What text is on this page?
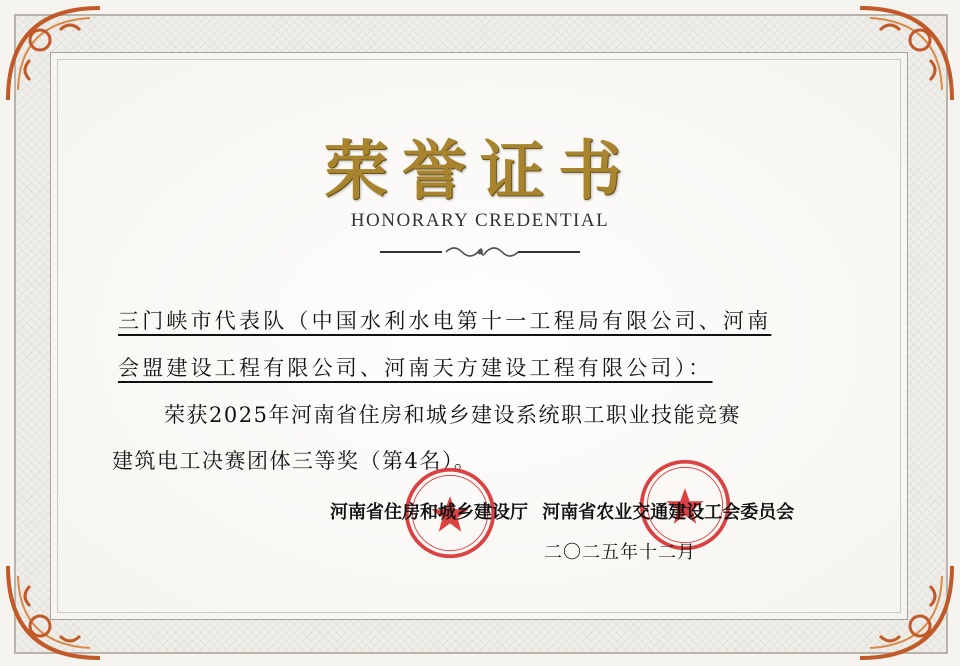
荣誉证书
HONORARY CREDENTIAL
三门峡市代表队（中国水利水电第十一工程局有限公司、河南
会盟建设工程有限公司、河南天方建设工程有限公司）：
荣获2025年河南省住房和城乡建设系统职工职业技能竞赛
建筑电工决赛团体三等奖（第4名）。
河南省住房和城乡建设厅 河南省农业交通建设工会委员会
二〇二五年十二月
